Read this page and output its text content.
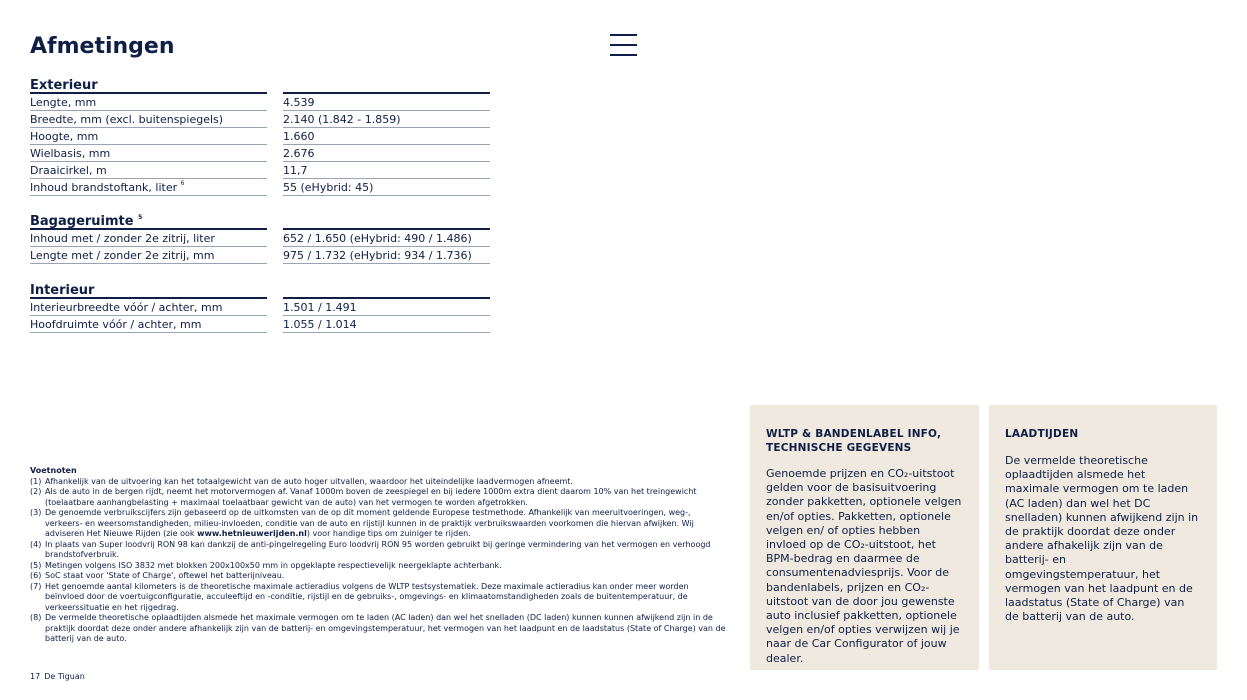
Afmetingen
Exterieur
Lengte, mm	4.539
Breedte, mm (excl. buitenspiegels)	2.140 (1.842 - 1.859)
Hoogte, mm	1.660
Wielbasis, mm	2.676
Draaicirkel, m	11,7
Inhoud brandstoftank, liter $^6$	55 (eHybrid: 45)
Bagageruimte $^5$
Inhoud met / zonder 2e zitrij, liter	652 / 1.650 (eHybrid: 490 / 1.486)
Lengte met / zonder 2e zitrij, mm	975 / 1.732 (eHybrid: 934 / 1.736)
Interieur
Interieurbreedte vóór / achter, mm	1.501 / 1.491
Hoofdruimte vóór / achter, mm	1.055 / 1.014
Voetnoten
(1) Afhankelijk van de uitvoering kan het totaalgewicht van de auto hoger uitvallen, waardoor het uiteindelijke laadvermogen afneemt.
(2) Als de auto in de bergen rijdt, neemt het motorvermogen af. Vanaf 1000m boven de zeespiegel en bij iedere 1000m extra dient daarom 10% van het treingewicht (toelaatbare aanhangbelasting + maximaal toelaatbaar gewicht van de auto) van het vermogen te worden afgetrokken.
(3) De genoemde verbruikscijfers zijn gebaseerd op de uitkomsten van de op dit moment geldende Europese testmethode. Afhankelijk van meeruitvoeringen, weg-, verkeers- en weersomstandigheden, milieu-invloeden, conditie van de auto en rijstijl kunnen in de praktijk verbruikswaarden voorkomen die hiervan afwijken. Wij adviseren Het Nieuwe Rijden (zie ook www.hetnieuwerijden.nl) voor handige tips om zuiniger te rijden.
(4) In plaats van Super loodvrij RON 98 kan dankzij de anti-pingelregeling Euro loodvrij RON 95 worden gebruikt bij geringe vermindering van het vermogen en verhoogd brandstofverbruik.
(5) Metingen volgens ISO 3832 met blokken 200x100x50 mm in opgeklapte respectievelijk neergeklapte achterbank.
(6) SoC staat voor 'State of Charge', oftewel het batterijniveau.
(7) Het genoemde aantal kilometers is de theoretische maximale actieradius volgens de WLTP testsystematiek. Deze maximale actieradius kan onder meer worden beïnvloed door de voertuigconfiguratie, acculeeftijd en -conditie, rijstijl en de gebruiks-, omgevings- en klimaatomstandigheden zoals de buitentemperatuur, de verkeerssituatie en het rijgedrag.
(8) De vermelde theoretische oplaadtijden alsmede het maximale vermogen om te laden (AC laden) dan wel het snelladen (DC laden) kunnen kunnen afwijkend zijn in de praktijk doordat deze onder andere afhankelijk zijn van de batterij- en omgevingstemperatuur, het vermogen van het laadpunt en de laadstatus (State of Charge) van de batterij van de auto.
17 De Tiguan
WLTP & BANDENLABEL INFO,
TECHNISCHE GEGEVENS
Genoemde prijzen en CO₂-uitstoot gelden voor de basisuitvoering zonder pakketten, optionele velgen en/of opties. Pakketten, optionele velgen en/ of opties hebben invloed op de CO₂-uitstoot, het BPM-bedrag en daarmee de consumentenadviesprijs. Voor de bandenlabels, prijzen en CO₂-uitstoot van de door jou gewenste auto inclusief pakketten, optionele velgen en/of opties verwijzen wij je naar de Car Configurator of jouw dealer.
LAADTIJDEN
De vermelde theoretische oplaadtijden alsmede het maximale vermogen om te laden (AC laden) dan wel het DC snelladen) kunnen afwijkend zijn in de praktijk doordat deze onder andere afhakelijk zijn van de batterij- en omgevingstemperatuur, het vermogen van het laadpunt en de laadstatus (State of Charge) van de batterij van de auto.
